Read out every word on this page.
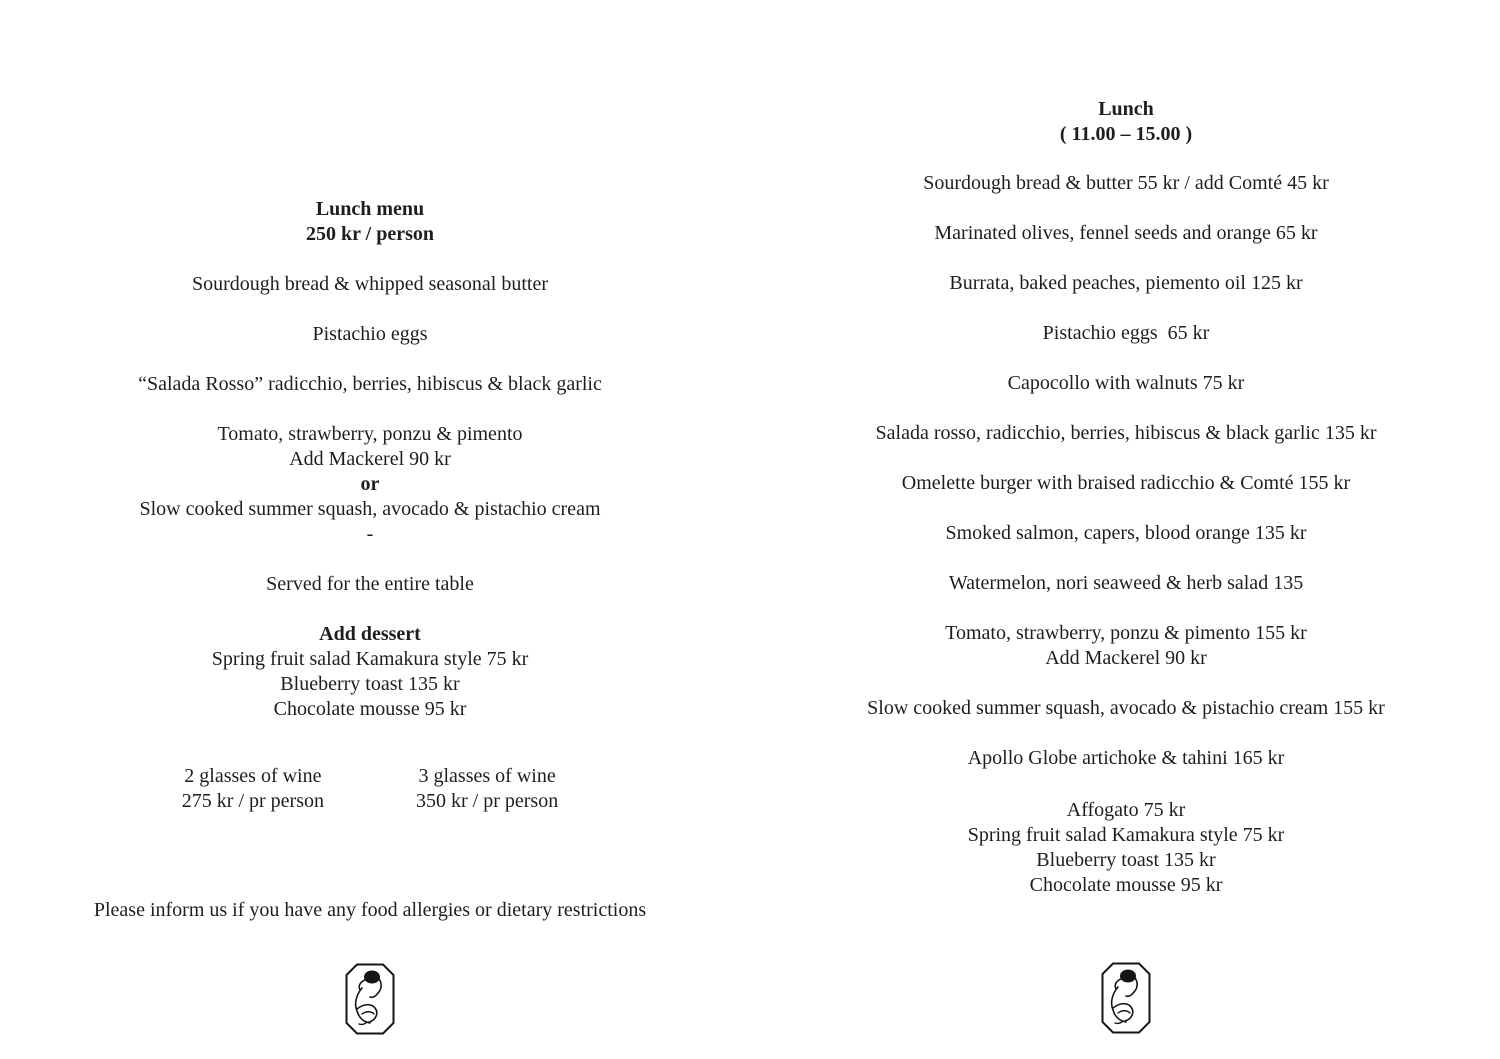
Lunch menu
250 kr / person
Sourdough bread & whipped seasonal butter
Pistachio eggs
“Salada Rosso” radicchio, berries, hibiscus & black garlic
Tomato, strawberry, ponzu & pimento
Add Mackerel 90 kr
or
Slow cooked summer squash, avocado & pistachio cream
-
Served for the entire table
Add dessert
Spring fruit salad Kamakura style 75 kr
Blueberry toast 135 kr
Chocolate mousse 95 kr
2 glasses of wine
275 kr / pr person
3 glasses of wine
350 kr / pr person
Please inform us if you have any food allergies or dietary restrictions
Lunch
( 11.00 – 15.00 )
Sourdough bread & butter 55 kr / add Comté 45 kr
Marinated olives, fennel seeds and orange 65 kr
Burrata, baked peaches, piemento oil 125 kr
Pistachio eggs  65 kr
Capocollo with walnuts 75 kr
Salada rosso, radicchio, berries, hibiscus & black garlic 135 kr
Omelette burger with braised radicchio & Comté 155 kr
Smoked salmon, capers, blood orange 135 kr
Watermelon, nori seaweed & herb salad 135
Tomato, strawberry, ponzu & pimento 155 kr
Add Mackerel 90 kr
Slow cooked summer squash, avocado & pistachio cream 155 kr
Apollo Globe artichoke & tahini 165 kr
Affogato 75 kr
Spring fruit salad Kamakura style 75 kr
Blueberry toast 135 kr
Chocolate mousse 95 kr
